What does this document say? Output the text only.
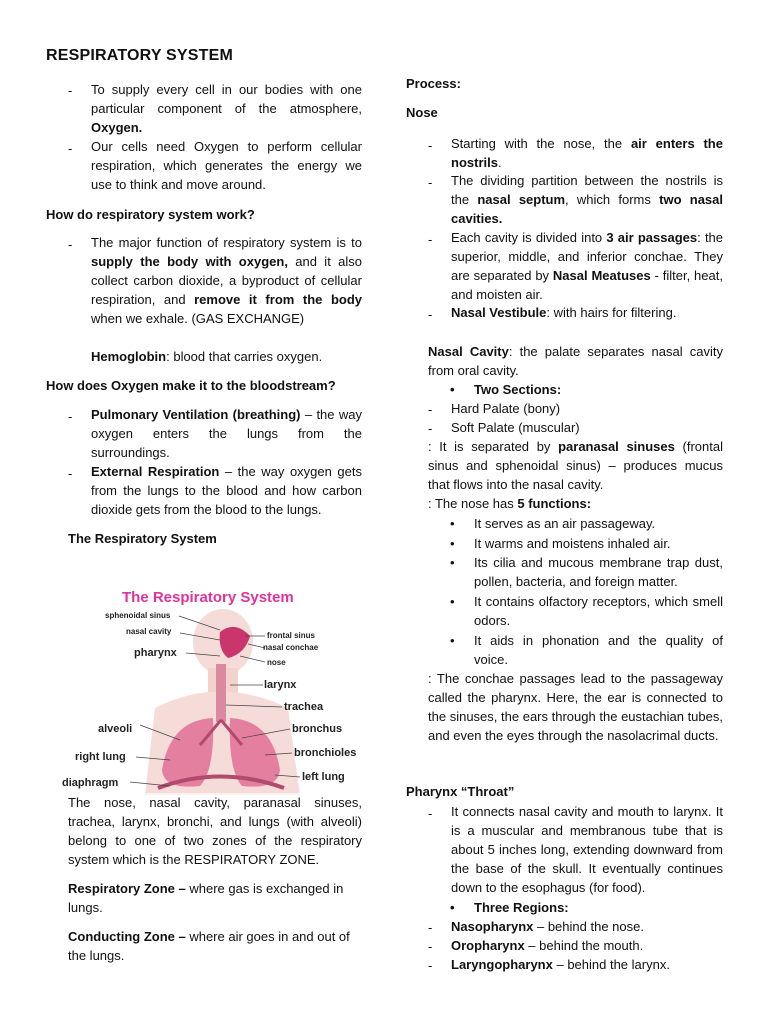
RESPIRATORY SYSTEM
- To supply every cell in our bodies with one particular component of the atmosphere, Oxygen.
- Our cells need Oxygen to perform cellular respiration, which generates the energy we use to think and move around.
How do respiratory system work?
- The major function of respiratory system is to supply the body with oxygen, and it also collect carbon dioxide, a byproduct of cellular respiration, and remove it from the body when we exhale. (GAS EXCHANGE)
Hemoglobin: blood that carries oxygen.
How does Oxygen make it to the bloodstream?
- Pulmonary Ventilation (breathing) – the way oxygen enters the lungs from the surroundings.
- External Respiration – the way oxygen gets from the lungs to the blood and how carbon dioxide gets from the blood to the lungs.
The Respiratory System
The Respiratory System
sphenoidal sinus
nasal cavity
pharynx
alveoli
right lung
diaphragm
frontal sinus
nasal conchae
nose
larynx
trachea
bronchus
bronchioles
left lung
The nose, nasal cavity, paranasal sinuses, trachea, larynx, bronchi, and lungs (with alveoli) belong to one of two zones of the respiratory system which is the RESPIRATORY ZONE.
Respiratory Zone – where gas is exchanged in lungs.
Conducting Zone – where air goes in and out of the lungs.
Process:
Nose
- Starting with the nose, the air enters the nostrils.
- The dividing partition between the nostrils is the nasal septum, which forms two nasal cavities.
- Each cavity is divided into 3 air passages: the superior, middle, and inferior conchae. They are separated by Nasal Meatuses - filter, heat, and moisten air.
- Nasal Vestibule: with hairs for filtering.
Nasal Cavity: the palate separates nasal cavity from oral cavity.
• Two Sections:
- Hard Palate (bony)
- Soft Palate (muscular)
: It is separated by paranasal sinuses (frontal sinus and sphenoidal sinus) – produces mucus that flows into the nasal cavity.
: The nose has 5 functions:
• It serves as an air passageway.
• It warms and moistens inhaled air.
• Its cilia and mucous membrane trap dust, pollen, bacteria, and foreign matter.
• It contains olfactory receptors, which smell odors.
• It aids in phonation and the quality of voice.
: The conchae passages lead to the passageway called the pharynx. Here, the ear is connected to the sinuses, the ears through the eustachian tubes, and even the eyes through the nasolacrimal ducts.
Pharynx “Throat”
- It connects nasal cavity and mouth to larynx. It is a muscular and membranous tube that is about 5 inches long, extending downward from the base of the skull. It eventually continues down to the esophagus (for food).
• Three Regions:
- Nasopharynx – behind the nose.
- Oropharynx – behind the mouth.
- Laryngopharynx – behind the larynx.
